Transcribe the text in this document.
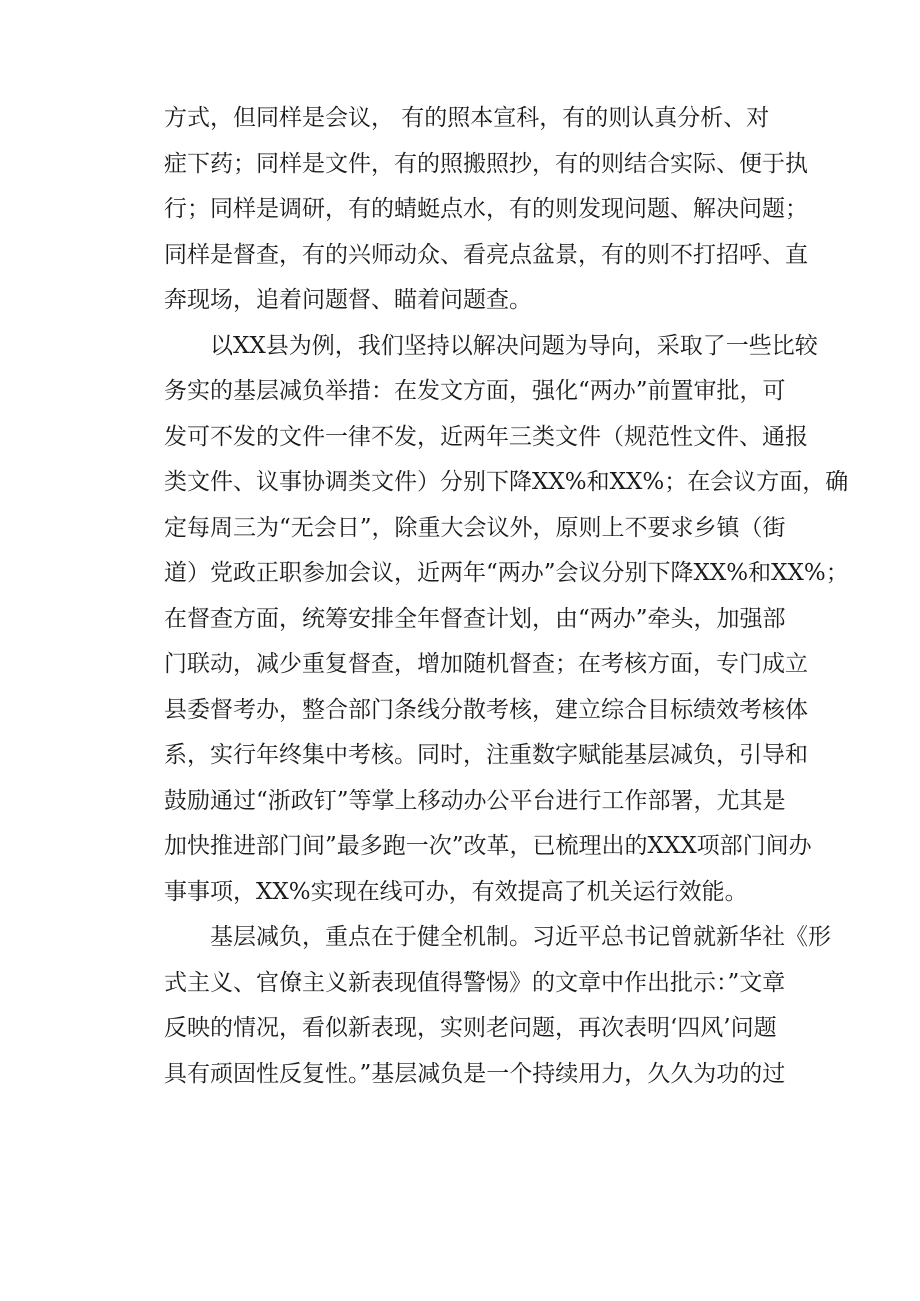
方式，但同样是会议， 有的照本宣科，有的则认真分析、对
症下药；同样是文件，有的照搬照抄，有的则结合实际、便于执
行；同样是调研，有的蜻蜓点水，有的则发现问题、解决问题；
同样是督查，有的兴师动众、看亮点盆景，有的则不打招呼、直
奔现场，追着问题督、瞄着问题查。
以XX县为例，我们坚持以解决问题为导向，采取了一些比较
务实的基层减负举措：在发文方面，强化“两办”前置审批，可
发可不发的文件一律不发，近两年三类文件（规范性文件、通报
类文件、议事协调类文件）分别下降XX%和XX%；在会议方面，确
定每周三为“无会日”，除重大会议外，原则上不要求乡镇（街
道）党政正职参加会议，近两年“两办”会议分别下降XX%和XX%；
在督查方面，统筹安排全年督查计划，由“两办”牵头，加强部
门联动，减少重复督查，增加随机督查；在考核方面，专门成立
县委督考办，整合部门条线分散考核，建立综合目标绩效考核体
系，实行年终集中考核。同时，注重数字赋能基层减负，引导和
鼓励通过“浙政钉”等掌上移动办公平台进行工作部署，尤其是
加快推进部门间”最多跑一次”改革，已梳理出的XXX项部门间办
事事项，XX%实现在线可办，有效提高了机关运行效能。
基层减负，重点在于健全机制。习近平总书记曾就新华社《形
式主义、官僚主义新表现值得警惕》的文章中作出批示：”文章
反映的情况，看似新表现，实则老问题，再次表明‘四风’问题
具有顽固性反复性。”基层减负是一个持续用力，久久为功的过
